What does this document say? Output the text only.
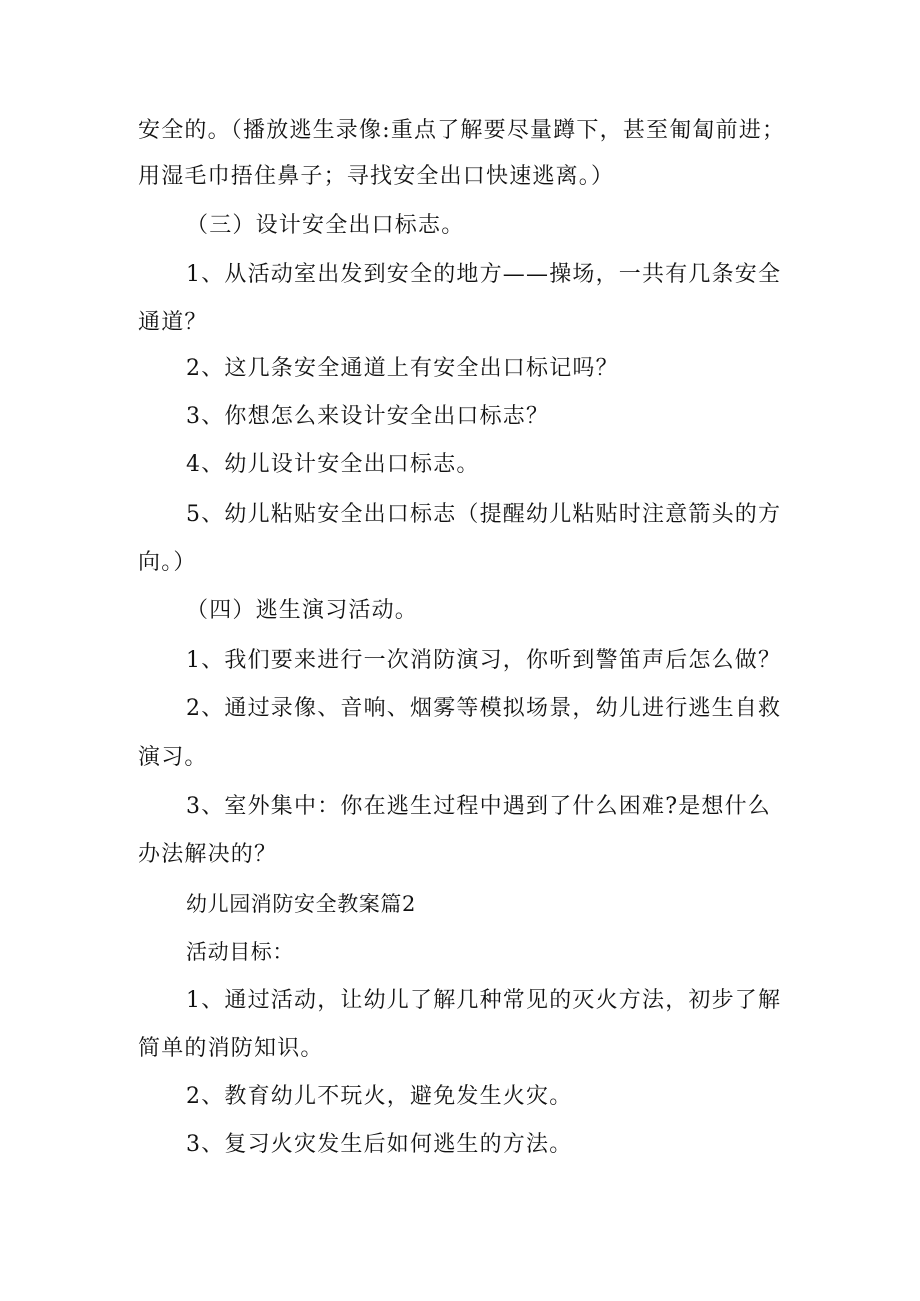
安全的。（播放逃生录像:重点了解要尽量蹲下，甚至匍匐前进；
用湿毛巾捂住鼻子；寻找安全出口快速逃离。）
（三）设计安全出口标志。
1、从活动室出发到安全的地方——操场，一共有几条安全
通道？
2、这几条安全通道上有安全出口标记吗？
3、你想怎么来设计安全出口标志？
4、幼儿设计安全出口标志。
5、幼儿粘贴安全出口标志（提醒幼儿粘贴时注意箭头的方
向。）
（四）逃生演习活动。
1、我们要来进行一次消防演习，你听到警笛声后怎么做？
2、通过录像、音响、烟雾等模拟场景，幼儿进行逃生自救
演习。
3、室外集中：你在逃生过程中遇到了什么困难?是想什么
办法解决的？
幼儿园消防安全教案篇2
活动目标：
1、通过活动，让幼儿了解几种常见的灭火方法，初步了解
简单的消防知识。
2、教育幼儿不玩火，避免发生火灾。
3、复习火灾发生后如何逃生的方法。
